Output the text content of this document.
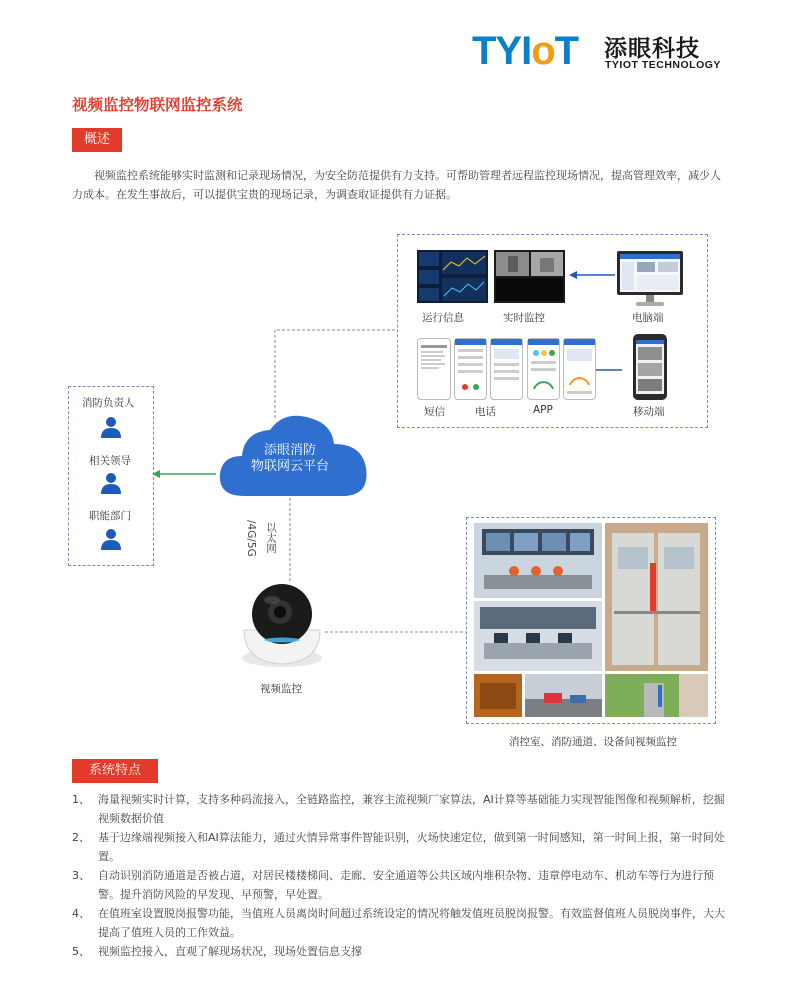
TYIoT 添眼科技
TYIOT TECHNOLOGY
视频监控物联网监控系统
概述
视频监控系统能够实时监测和记录现场情况，为安全防范提供有力支持。可帮助管理者远程监控现场情况，提高管理效率，减少人力成本。在发生事故后，可以提供宝贵的现场记录，为调查取证提供有力证据。
消防负责人
相关领导
职能部门
添眼消防
物联网云平台
以太网
/4G/5G
视频监控
运行信息	实时监控	电脑端
短信	电话	APP	移动端
消控室、消防通道、设备间视频监控
系统特点

1、 海量视频实时计算，支持多种码流接入，全链路监控，兼容主流视频厂家算法，AI计算等基础能力实现智能图像和视频解析，挖掘视频数据价值

2、 基于边缘端视频接入和AI算法能力，通过火情异常事件智能识别，火场快速定位，做到第一时间感知，第一时间上报，第一时间处置。

3、 自动识别消防通道是否被占道，对居民楼楼梯间、走廊、安全通道等公共区域内堆积杂物、违章停电动车、机动车等行为进行预警。提升消防风险的早发现、早预警，早处置。

4、 在值班室设置脱岗报警功能，当值班人员离岗时间超过系统设定的情况将触发值班员脱岗报警。有效监督值班人员脱岗事件，大大提高了值班人员的工作效益。

5、 视频监控接入，直观了解现场状况，现场处置信息支撑
